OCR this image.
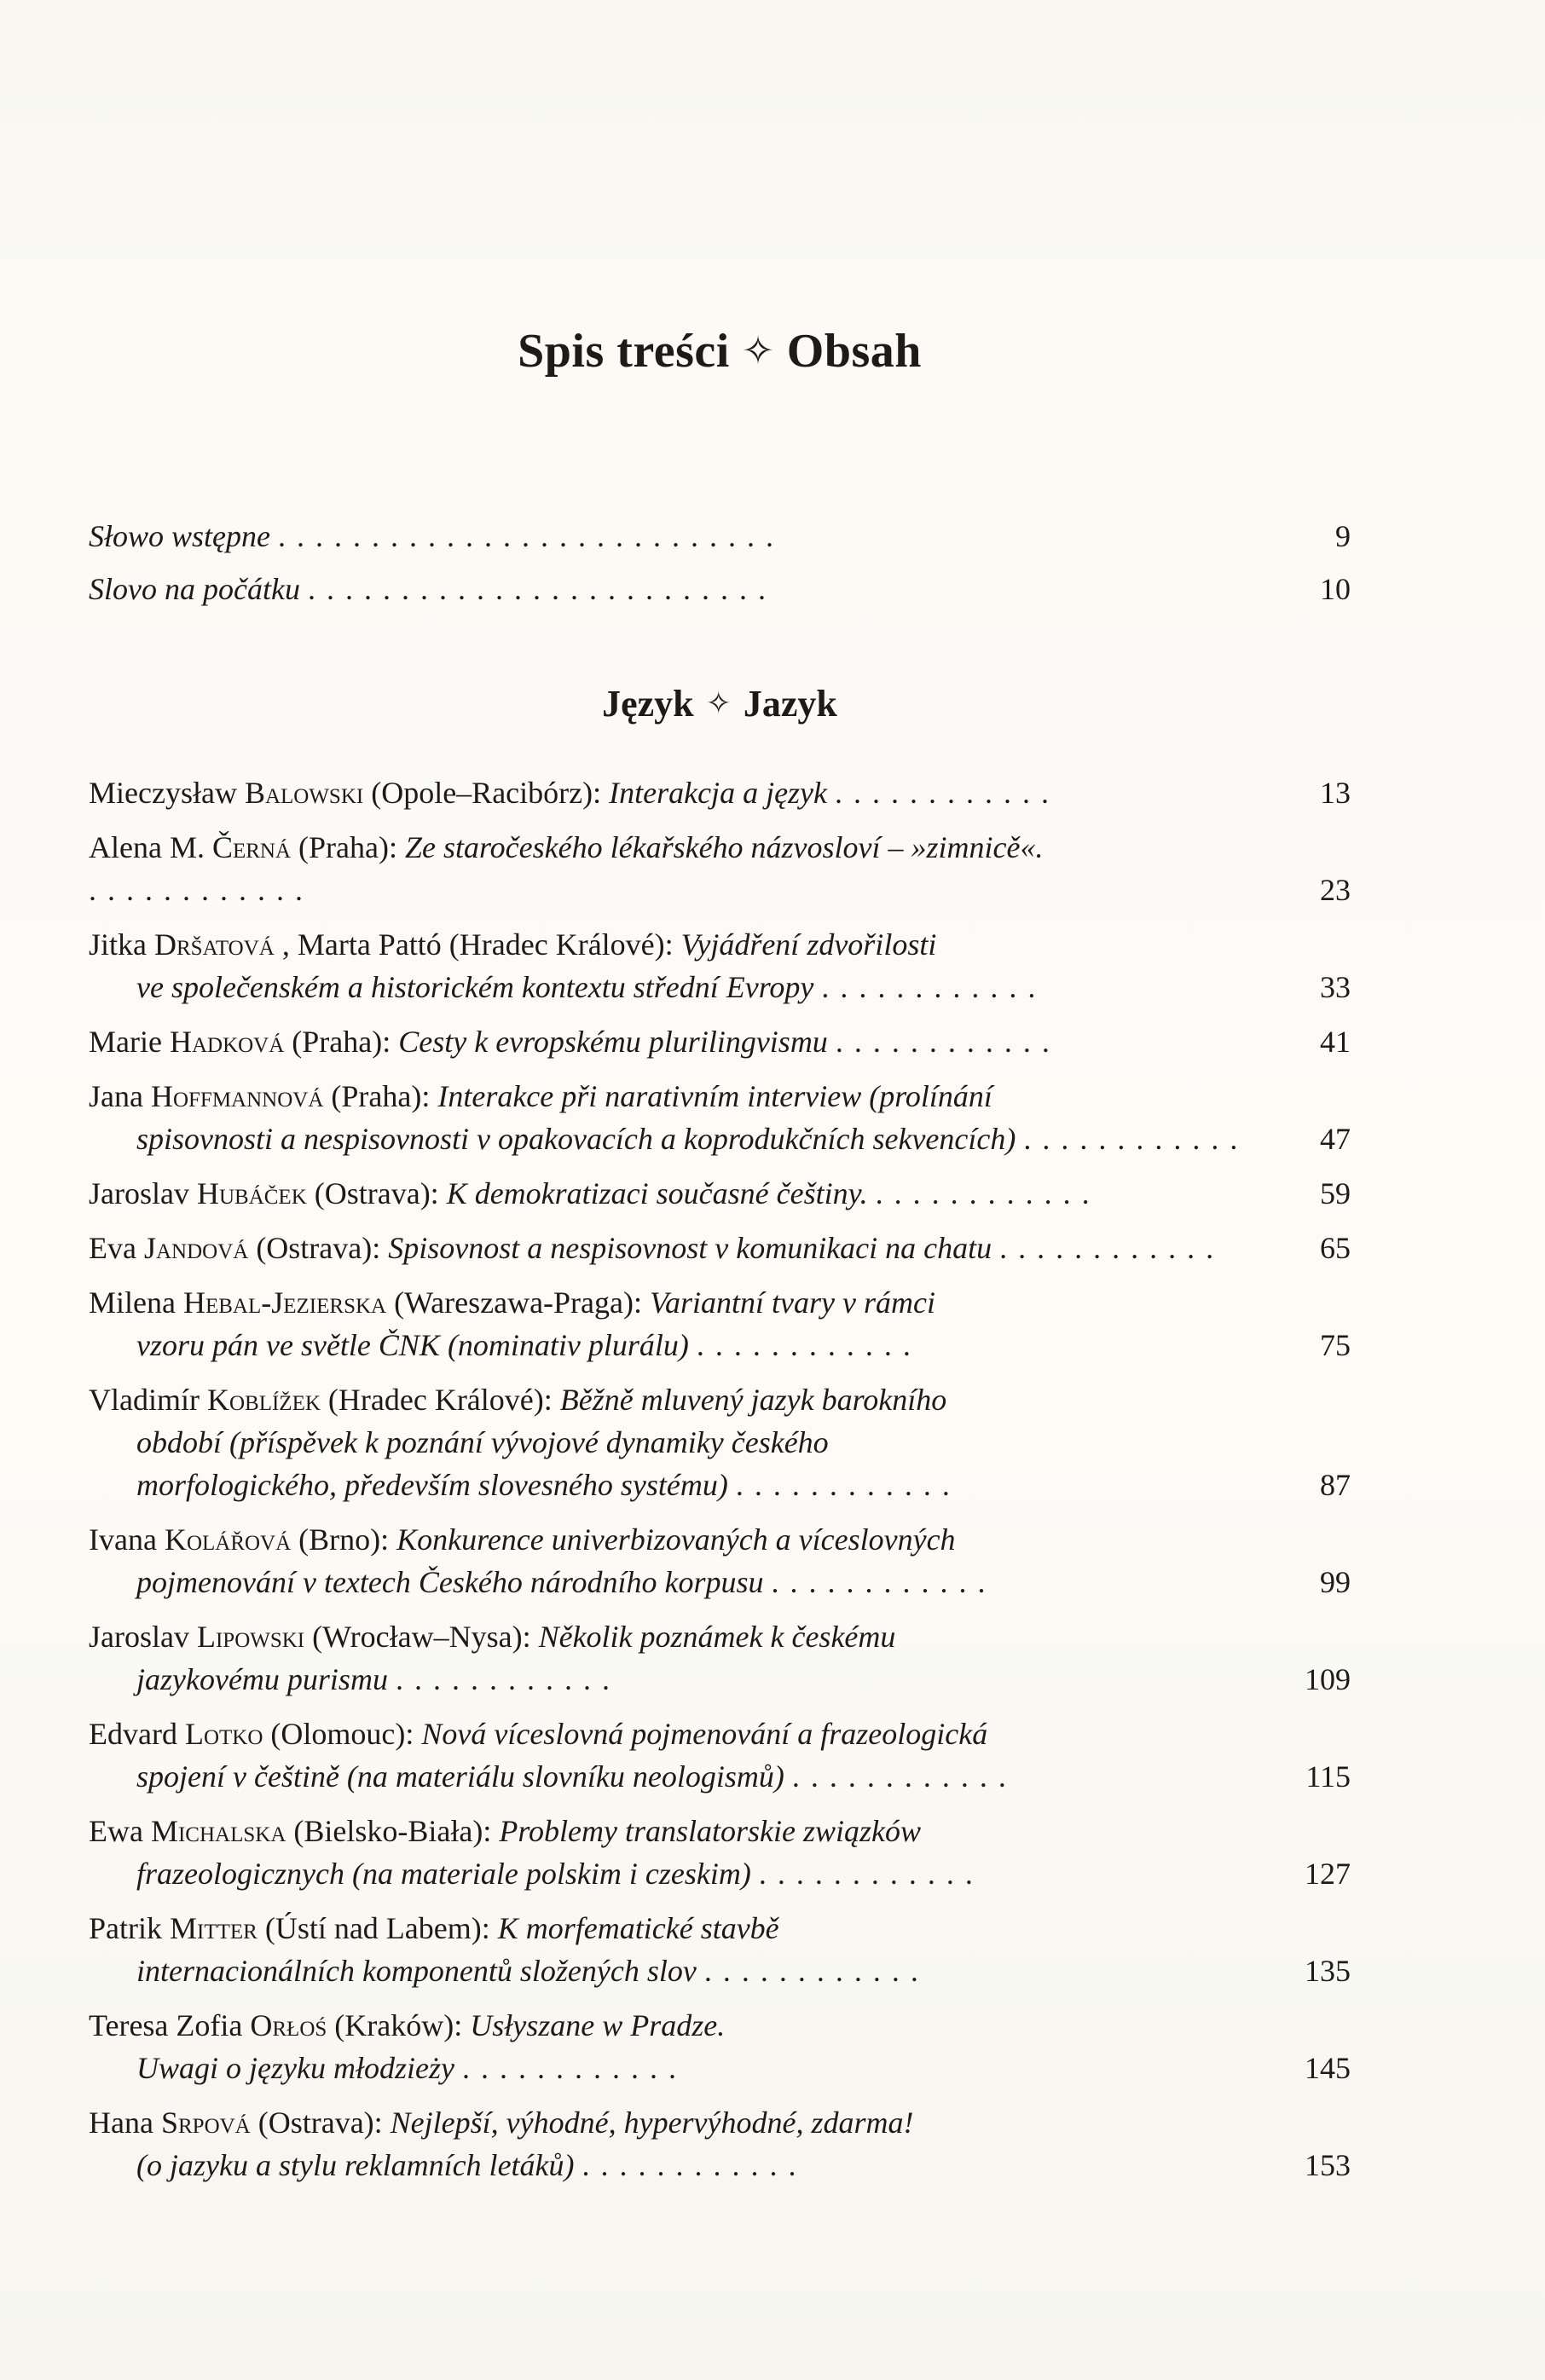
Spis treści ✧ Obsah
Słowo wstępne ...........................	9
Slovo na počátku .........................	10
Język ✧ Jazyk
Mieczysław Balowski (Opole–Racibórz): Interakcja a język ............	13
Alena M. Černá (Praha): Ze staročeského lékařského názvosloví – »zimnicě«. ............	23
Jitka Dršatová , Marta Pattó (Hradec Králové): Vyjádření zdvořilosti
ve společenském a historickém kontextu střední Evropy ............	33
Marie Hadková (Praha): Cesty k evropskému plurilingvismu ............	41
Jana Hoffmannová (Praha): Interakce při narativním interview (prolínání
spisovnosti a nespisovnosti v opakovacích a koprodukčních sekvencích) ............	47
Jaroslav Hubáček (Ostrava): K demokratizaci současné češtiny. ............	59
Eva Jandová (Ostrava): Spisovnost a nespisovnost v komunikaci na chatu ............	65
Milena Hebal-Jezierska (Wareszawa-Praga): Variantní tvary v rámci
vzoru pán ve světle ČNK (nominativ plurálu) ............	75
Vladimír Koblížek (Hradec Králové): Běžně mluvený jazyk barokního
období (příspěvek k poznání vývojové dynamiky českého
morfologického, především slovesného systému) ............	87
Ivana Kolářová (Brno): Konkurence univerbizovaných a víceslovných
pojmenování v textech Českého národního korpusu ............	99
Jaroslav Lipowski (Wrocław–Nysa): Několik poznámek k českému
jazykovému purismu ............	109
Edvard Lotko (Olomouc): Nová víceslovná pojmenování a frazeologická
spojení v češtině (na materiálu slovníku neologismů) ............	115
Ewa Michalska (Bielsko-Biała): Problemy translatorskie związków
frazeologicznych (na materiale polskim i czeskim) ............	127
Patrik Mitter (Ústí nad Labem): K morfematické stavbě
internacionálních komponentů složených slov ............	135
Teresa Zofia Orłoś (Kraków): Usłyszane w Pradze.
Uwagi o języku młodzieży ............	145
Hana Srpová (Ostrava): Nejlepší, výhodné, hypervýhodné, zdarma!
(o jazyku a stylu reklamních letáků) ............	153
